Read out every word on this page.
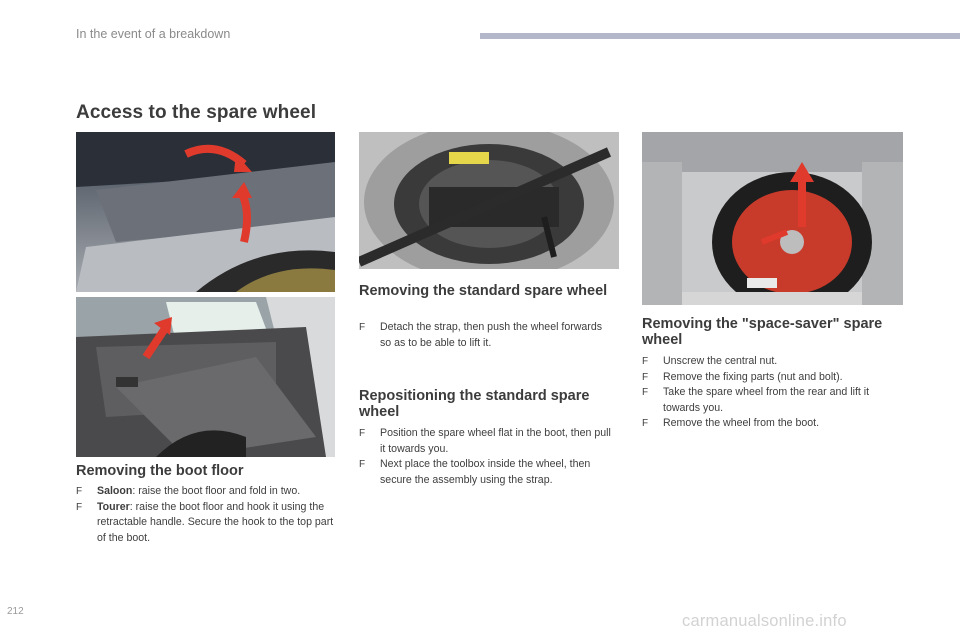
In the event of a breakdown
Access to the spare wheel
Removing the boot floor
F Saloon: raise the boot floor and fold in two.
F Tourer: raise the boot floor and hook it using the retractable handle. Secure the hook to the top part of the boot.
Removing the standard spare wheel
F Detach the strap, then push the wheel forwards so as to be able to lift it.
Repositioning the standard spare wheel
F Position the spare wheel flat in the boot, then pull it towards you.
F Next place the toolbox inside the wheel, then secure the assembly using the strap.
Removing the "space-saver" spare wheel
F Unscrew the central nut.
F Remove the fixing parts (nut and bolt).
F Take the spare wheel from the rear and lift it towards you.
F Remove the wheel from the boot.
212
carmanualsonline.info
